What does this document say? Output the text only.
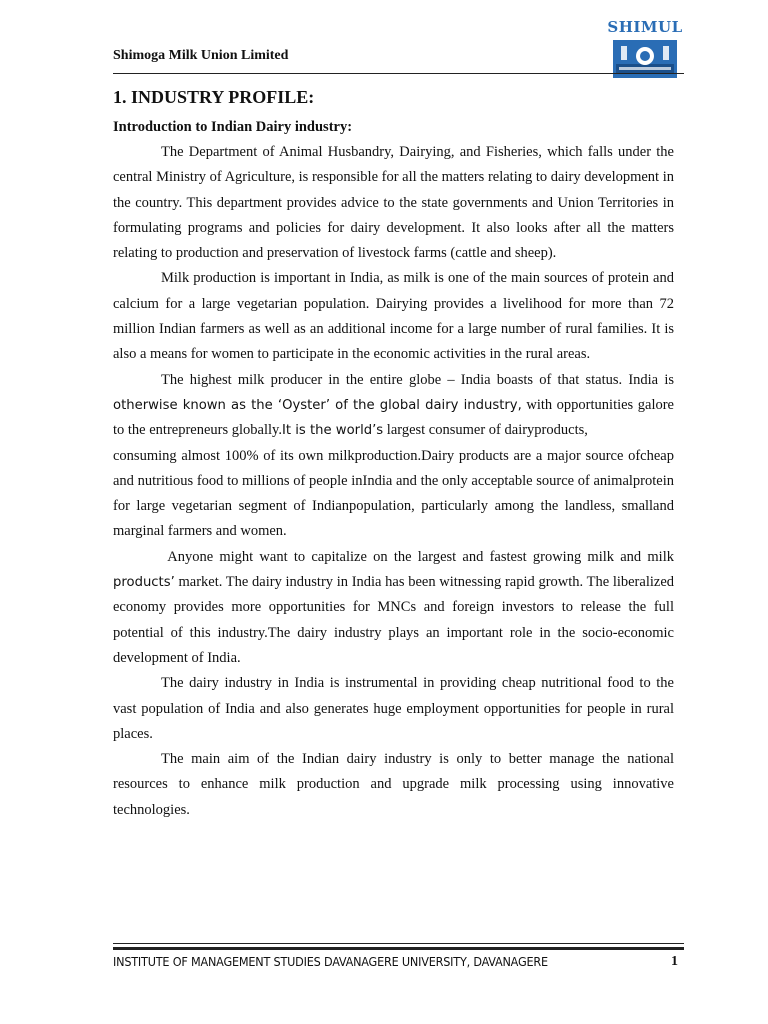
SHIMUL
Shimoga Milk Union Limited
1. INDUSTRY PROFILE:
Introduction to Indian Dairy industry:

The Department of Animal Husbandry, Dairying, and Fisheries, which falls under the central Ministry of Agriculture, is responsible for all the matters relating to dairy development in the country. This department provides advice to the state governments and Union Territories in formulating programs and policies for dairy development. It also looks after all the matters relating to production and preservation of livestock farms (cattle and sheep).

Milk production is important in India, as milk is one of the main sources of protein and calcium for a large vegetarian population. Dairying provides a livelihood for more than 72 million Indian farmers as well as an additional income for a large number of rural families. It is also a means for women to participate in the economic activities in the rural areas.

The highest milk producer in the entire globe – India boasts of that status. India is otherwise known as the ‘Oyster’ of the global dairy industry, with opportunities galore to the entrepreneurs globally.It is the world’s largest consumer of dairyproducts,

consuming almost 100% of its own milkproduction.Dairy products are a major source ofcheap and nutritious food to millions of people inIndia and the only acceptable source of animalprotein for large vegetarian segment of Indianpopulation, particularly among the landless, smalland marginal farmers and women.

Anyone might want to capitalize on the largest and fastest growing milk and milk products’ market. The dairy industry in India has been witnessing rapid growth. The liberalized economy provides more opportunities for MNCs and foreign investors to release the full potential of this industry.The dairy industry plays an important role in the socio-economic development of India.

The dairy industry in India is instrumental in providing cheap nutritional food to the vast population of India and also generates huge employment opportunities for people in rural places.

The main aim of the Indian dairy industry is only to better manage the national resources to enhance milk production and upgrade milk processing using innovative technologies.

INSTITUTE OF MANAGEMENT STUDIES DAVANAGERE UNIVERSITY, DAVANAGERE	1
